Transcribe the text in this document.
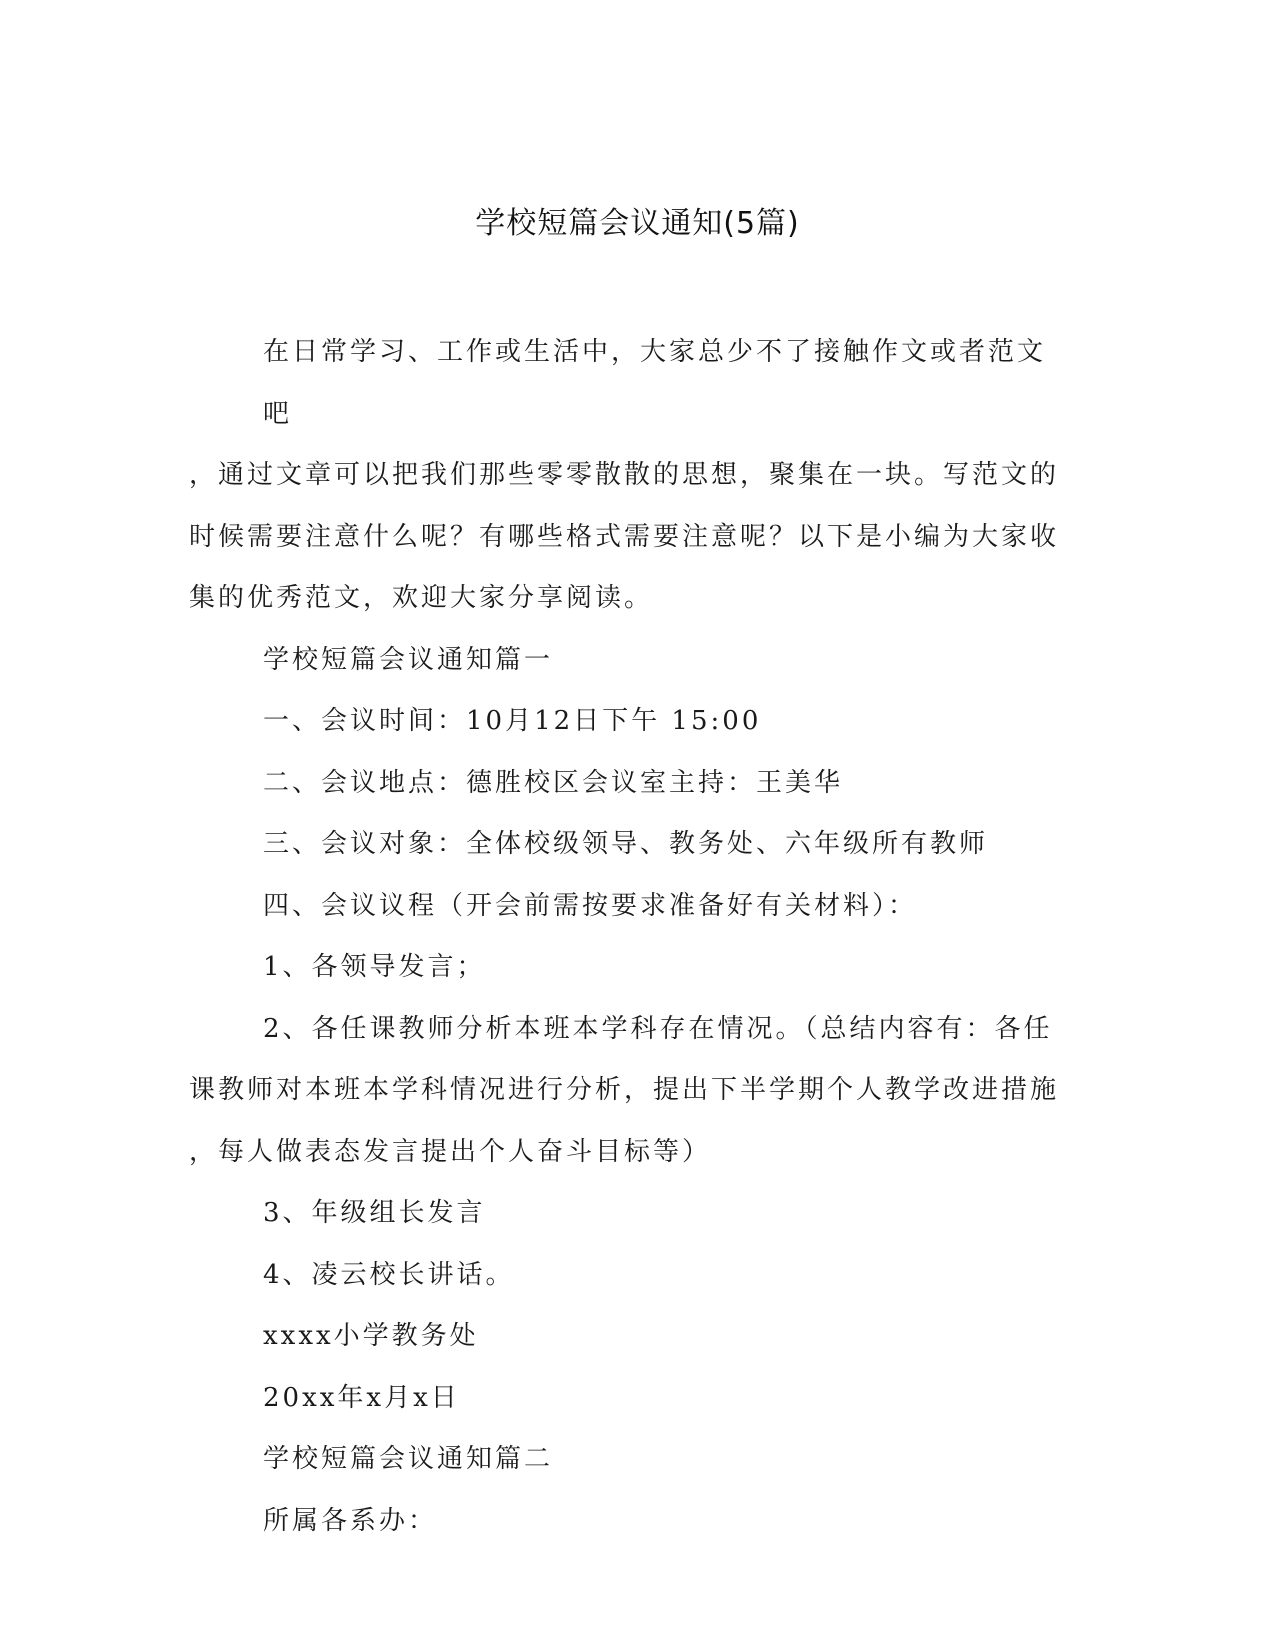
学校短篇会议通知(5篇)

在日常学习、工作或生活中，大家总少不了接触作文或者范文吧

，通过文章可以把我们那些零零散散的思想，聚集在一块。写范文的

时候需要注意什么呢？有哪些格式需要注意呢？以下是小编为大家收

集的优秀范文，欢迎大家分享阅读。

学校短篇会议通知篇一

一、会议时间：10月12日下午 15:00

二、会议地点：德胜校区会议室主持：王美华

三、会议对象：全体校级领导、教务处、六年级所有教师

四、会议议程（开会前需按要求准备好有关材料）：

1、各领导发言；

2、各任课教师分析本班本学科存在情况。（总结内容有：各任

课教师对本班本学科情况进行分析，提出下半学期个人教学改进措施

，每人做表态发言提出个人奋斗目标等）

3、年级组长发言

4、凌云校长讲话。

xxxx小学教务处

20xx年x月x日

学校短篇会议通知篇二

所属各系办：
